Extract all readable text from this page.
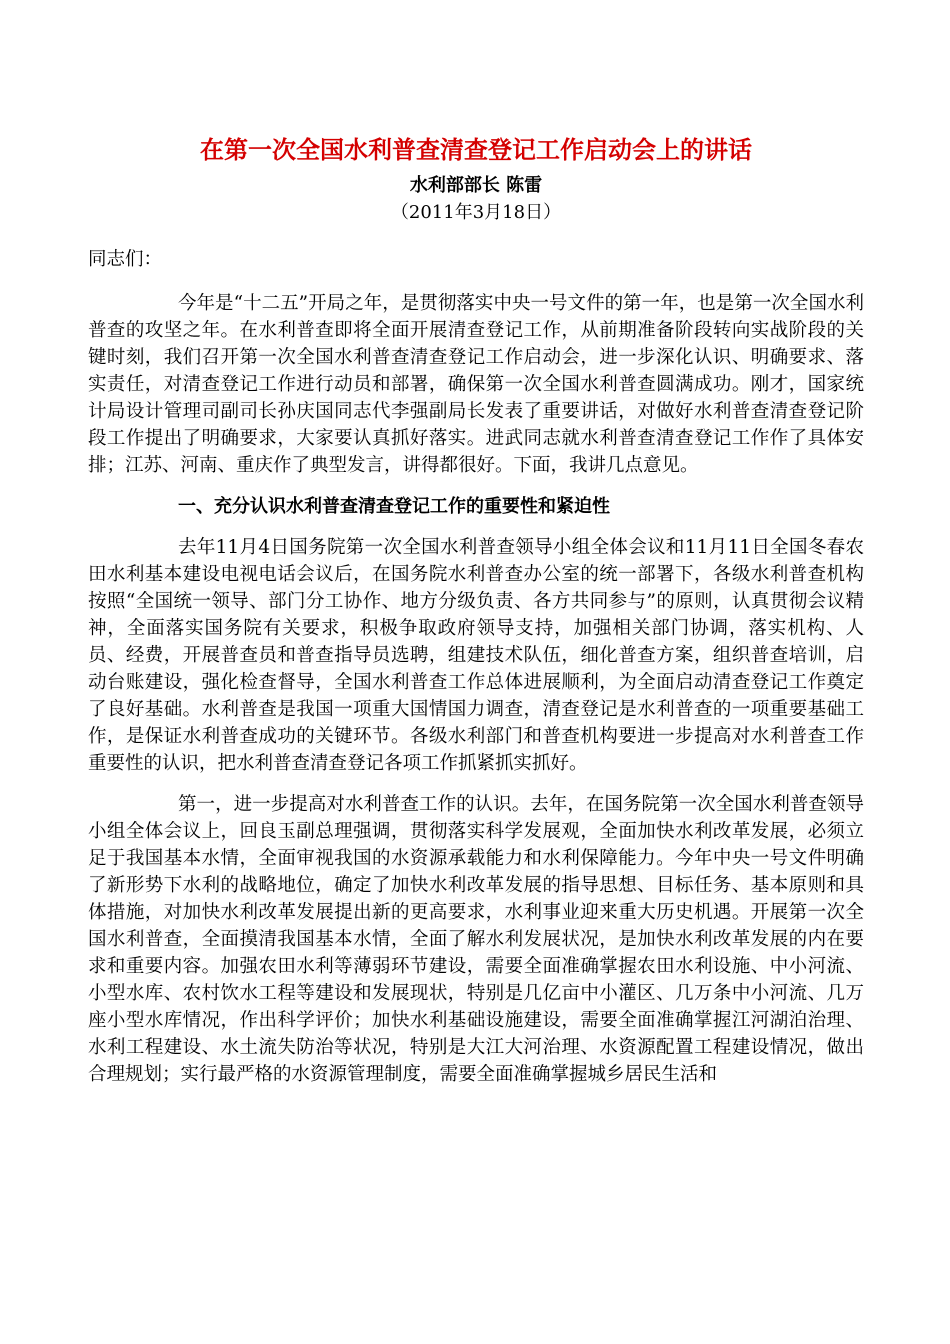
在第一次全国水利普查清查登记工作启动会上的讲话

水利部部长 陈雷

（2011年3月18日）

同志们：

今年是“十二五”开局之年，是贯彻落实中央一号文件的第一年，也是第一次全国水利普查的攻坚之年。在水利普查即将全面开展清查登记工作，从前期准备阶段转向实战阶段的关键时刻，我们召开第一次全国水利普查清查登记工作启动会，进一步深化认识、明确要求、落实责任，对清查登记工作进行动员和部署，确保第一次全国水利普查圆满成功。刚才，国家统计局设计管理司副司长孙庆国同志代李强副局长发表了重要讲话，对做好水利普查清查登记阶段工作提出了明确要求，大家要认真抓好落实。进武同志就水利普查清查登记工作作了具体安排；江苏、河南、重庆作了典型发言，讲得都很好。下面，我讲几点意见。

一、充分认识水利普查清查登记工作的重要性和紧迫性

去年11月4日国务院第一次全国水利普查领导小组全体会议和11月11日全国冬春农田水利基本建设电视电话会议后，在国务院水利普查办公室的统一部署下，各级水利普查机构按照“全国统一领导、部门分工协作、地方分级负责、各方共同参与”的原则，认真贯彻会议精神，全面落实国务院有关要求，积极争取政府领导支持，加强相关部门协调，落实机构、人员、经费，开展普查员和普查指导员选聘，组建技术队伍，细化普查方案，组织普查培训，启动台账建设，强化检查督导，全国水利普查工作总体进展顺利，为全面启动清查登记工作奠定了良好基础。水利普查是我国一项重大国情国力调查，清查登记是水利普查的一项重要基础工作，是保证水利普查成功的关键环节。各级水利部门和普查机构要进一步提高对水利普查工作重要性的认识，把水利普查清查登记各项工作抓紧抓实抓好。

第一，进一步提高对水利普查工作的认识。去年，在国务院第一次全国水利普查领导小组全体会议上，回良玉副总理强调，贯彻落实科学发展观，全面加快水利改革发展，必须立足于我国基本水情，全面审视我国的水资源承载能力和水利保障能力。今年中央一号文件明确了新形势下水利的战略地位，确定了加快水利改革发展的指导思想、目标任务、基本原则和具体措施，对加快水利改革发展提出新的更高要求，水利事业迎来重大历史机遇。开展第一次全国水利普查，全面摸清我国基本水情，全面了解水利发展状况，是加快水利改革发展的内在要求和重要内容。加强农田水利等薄弱环节建设，需要全面准确掌握农田水利设施、中小河流、小型水库、农村饮水工程等建设和发展现状，特别是几亿亩中小灌区、几万条中小河流、几万座小型水库情况，作出科学评价；加快水利基础设施建设，需要全面准确掌握江河湖泊治理、水利工程建设、水土流失防治等状况，特别是大江大河治理、水资源配置工程建设情况，做出合理规划；实行最严格的水资源管理制度，需要全面准确掌握城乡居民生活和
